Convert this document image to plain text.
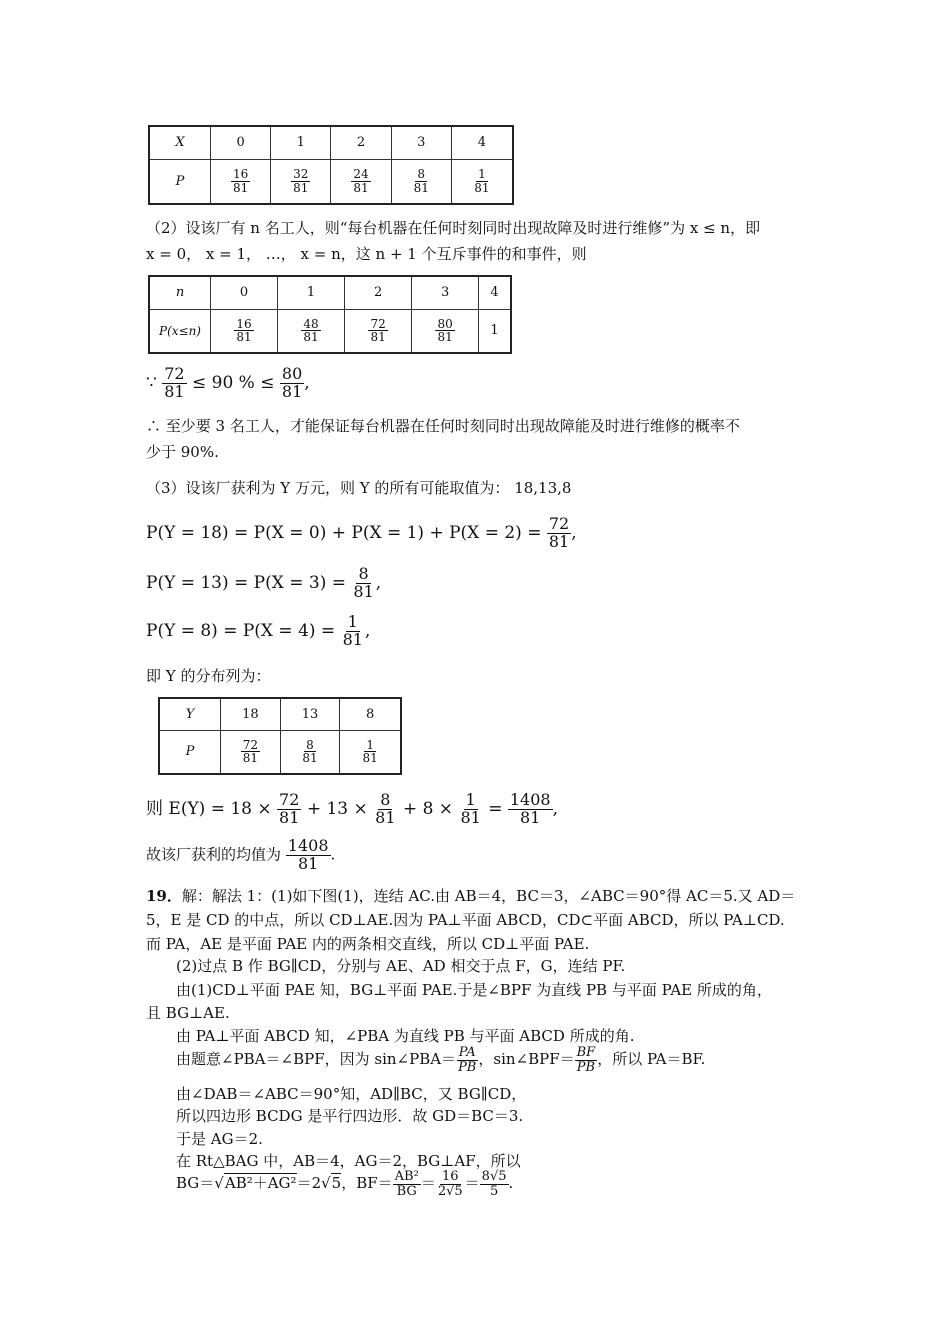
X	0	1	2	3	4
P	$\frac{16}{81}$	$\frac{32}{81}$	$\frac{24}{81}$	$\frac{8}{81}$	$\frac{1}{81}$
（2）设该厂有 n 名工人，则“每台机器在任何时刻同时出现故障及时进行维修”为 x ≤ n，即
x = 0， x = 1， …， x = n，这 n + 1 个互斥事件的和事件，则
n	0	1	2	3	4
P(x≤n)	$\frac{16}{81}$	$\frac{48}{81}$	$\frac{72}{81}$	$\frac{80}{81}$	1
∵ $\frac{72}{81} \le 90$ % ≤ $\frac{80}{81}$ ,
∴ 至少要 3 名工人，才能保证每台机器在任何时刻同时出现故障能及时进行维修的概率不
少于 90%.
（3）设该厂获利为 Y 万元，则 Y 的所有可能取值为： 18,13,8
$P(Y = 18) = P(X = 0) + P(X = 1) + P(X = 2) = \frac{72}{81}$ ,
$P(Y = 13) = P(X = 3) = \frac{8}{81}$ ,
$P(Y = 8) = P(X = 4) = \frac{1}{81}$ ,
即 Y 的分布列为：
Y	18	13	8
P	$\frac{72}{81}$	$\frac{8}{81}$	$\frac{1}{81}$
则 $E(Y) = 18 \times \frac{72}{81} + 13 \times \frac{8}{81} + 8 \times \frac{1}{81} = \frac{1408}{81}$ ,
故该厂获利的均值为 $\frac{1408}{81}$ .
19．解：解法 1：(1)如下图(1)，连结 AC.由 AB＝4，BC＝3，∠ABC＝90°得 AC＝5.又 AD＝
5，E 是 CD 的中点，所以 CD⊥AE.因为 PA⊥平面 ABCD，CD⊂平面 ABCD，所以 PA⊥CD.
而 PA，AE 是平面 PAE 内的两条相交直线，所以 CD⊥平面 PAE.
(2)过点 B 作 BG∥CD，分别与 AE、AD 相交于点 F，G，连结 PF.
由(1)CD⊥平面 PAE 知，BG⊥平面 PAE.于是∠BPF 为直线 PB 与平面 PAE 所成的角，
且 BG⊥AE.
由 PA⊥平面 ABCD 知，∠PBA 为直线 PB 与平面 ABCD 所成的角.
由题意∠PBA＝∠BPF，因为 sin∠PBA＝ $\frac{PA}{PB}$ ，sin∠BPF＝ $\frac{BF}{PB}$ ，所以 PA＝BF.
由∠DAB＝∠ABC＝90°知，AD∥BC，又 BG∥CD，
所以四边形 BCDG 是平行四边形．故 GD＝BC＝3.
于是 AG＝2.
在 Rt△BAG 中，AB＝4，AG＝2，BG⊥AF，所以
BG＝√AB²＋AG²＝2√5，$BF= \frac{\text{AB²}}{BG} = \frac{16}{2√5} = \frac{8√5}{5}$ .
